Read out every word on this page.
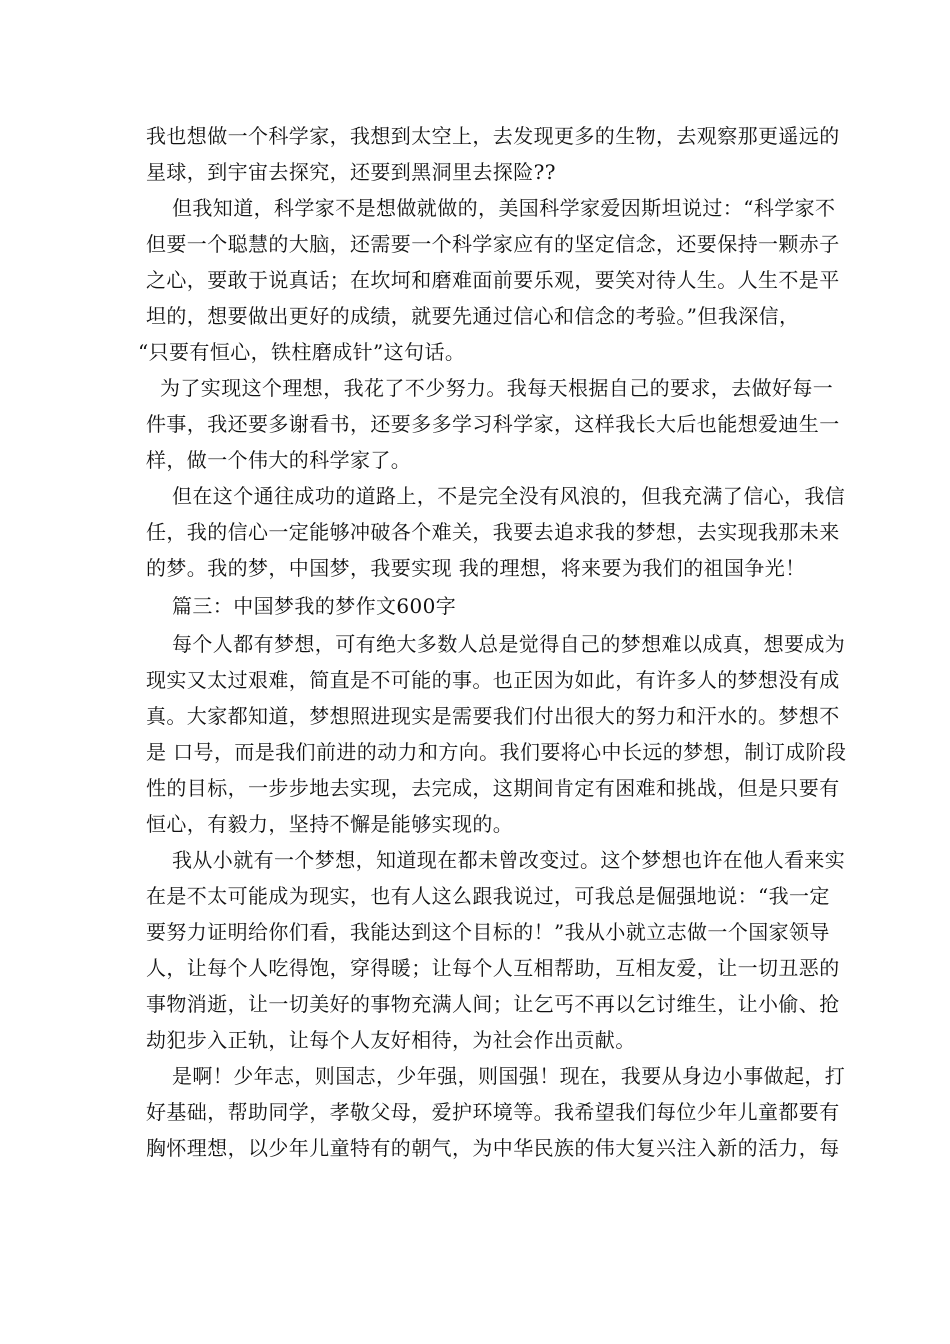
我也想做一个科学家，我想到太空上，去发现更多的生物，去观察那更遥远的

星球，到宇宙去探究，还要到黑洞里去探险??

但我知道，科学家不是想做就做的，美国科学家爱因斯坦说过：“科学家不

但要一个聪慧的大脑，还需要一个科学家应有的坚定信念，还要保持一颗赤子

之心，要敢于说真话；在坎坷和磨难面前要乐观，要笑对待人生。人生不是平

坦的，想要做出更好的成绩，就要先通过信心和信念的考验。”但我深信，

“只要有恒心，铁柱磨成针”这句话。

为了实现这个理想，我花了不少努力。我每天根据自己的要求，去做好每一

件事，我还要多谢看书，还要多多学习科学家，这样我长大后也能想爱迪生一

样，做一个伟大的科学家了。

但在这个通往成功的道路上，不是完全没有风浪的，但我充满了信心，我信

任，我的信心一定能够冲破各个难关，我要去追求我的梦想，去实现我那未来

的梦。我的梦，中国梦，我要实现 我的理想，将来要为我们的祖国争光！

篇三：中国梦我的梦作文600字

每个人都有梦想，可有绝大多数人总是觉得自己的梦想难以成真，想要成为

现实又太过艰难，简直是不可能的事。也正因为如此，有许多人的梦想没有成

真。大家都知道，梦想照进现实是需要我们付出很大的努力和汗水的。梦想不

是 口号，而是我们前进的动力和方向。我们要将心中长远的梦想，制订成阶段

性的目标，一步步地去实现，去完成，这期间肯定有困难和挑战，但是只要有

恒心，有毅力，坚持不懈是能够实现的。

我从小就有一个梦想，知道现在都未曾改变过。这个梦想也许在他人看来实

在是不太可能成为现实，也有人这么跟我说过，可我总是倔强地说：“我一定

要努力证明给你们看，我能达到这个目标的！”我从小就立志做一个国家领导

人，让每个人吃得饱，穿得暖；让每个人互相帮助，互相友爱，让一切丑恶的

事物消逝，让一切美好的事物充满人间；让乞丐不再以乞讨维生，让小偷、抢

劫犯步入正轨，让每个人友好相待，为社会作出贡献。

是啊！少年志，则国志，少年强，则国强！现在，我要从身边小事做起，打

好基础，帮助同学，孝敬父母，爱护环境等。我希望我们每位少年儿童都要有

胸怀理想，以少年儿童特有的朝气，为中华民族的伟大复兴注入新的活力，每
